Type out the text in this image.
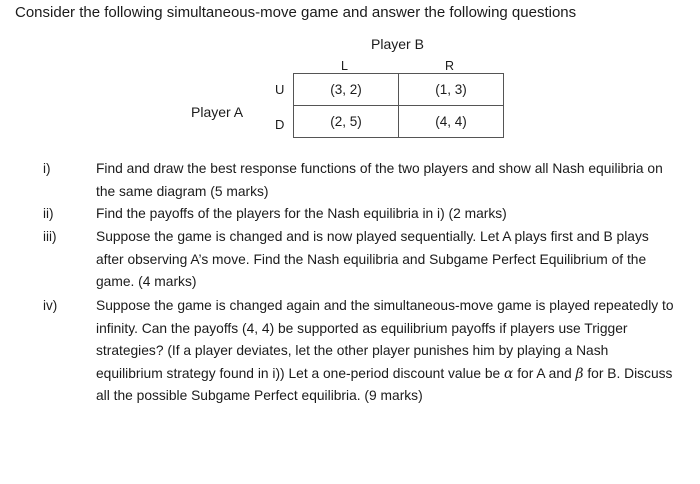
Consider the following simultaneous-move game and answer the following questions
Player B
L	R
Player A
U
D
(3, 2)	(1, 3)
(2, 5)	(4, 4)
i)	Find and draw the best response functions of the two players and show all Nash equilibria on the same diagram (5 marks)
ii)	Find the payoffs of the players for the Nash equilibria in i) (2 marks)
iii)	Suppose the game is changed and is now played sequentially. Let A plays first and B plays after observing A’s move. Find the Nash equilibria and Subgame Perfect Equilibrium of the game. (4 marks)
iv)	Suppose the game is changed again and the simultaneous-move game is played repeatedly to infinity. Can the payoffs (4, 4) be supported as equilibrium payoffs if players use Trigger strategies? (If a player deviates, let the other player punishes him by playing a Nash equilibrium strategy found in i)) Let a one-period discount value be α for A and β for B. Discuss all the possible Subgame Perfect equilibria. (9 marks)
